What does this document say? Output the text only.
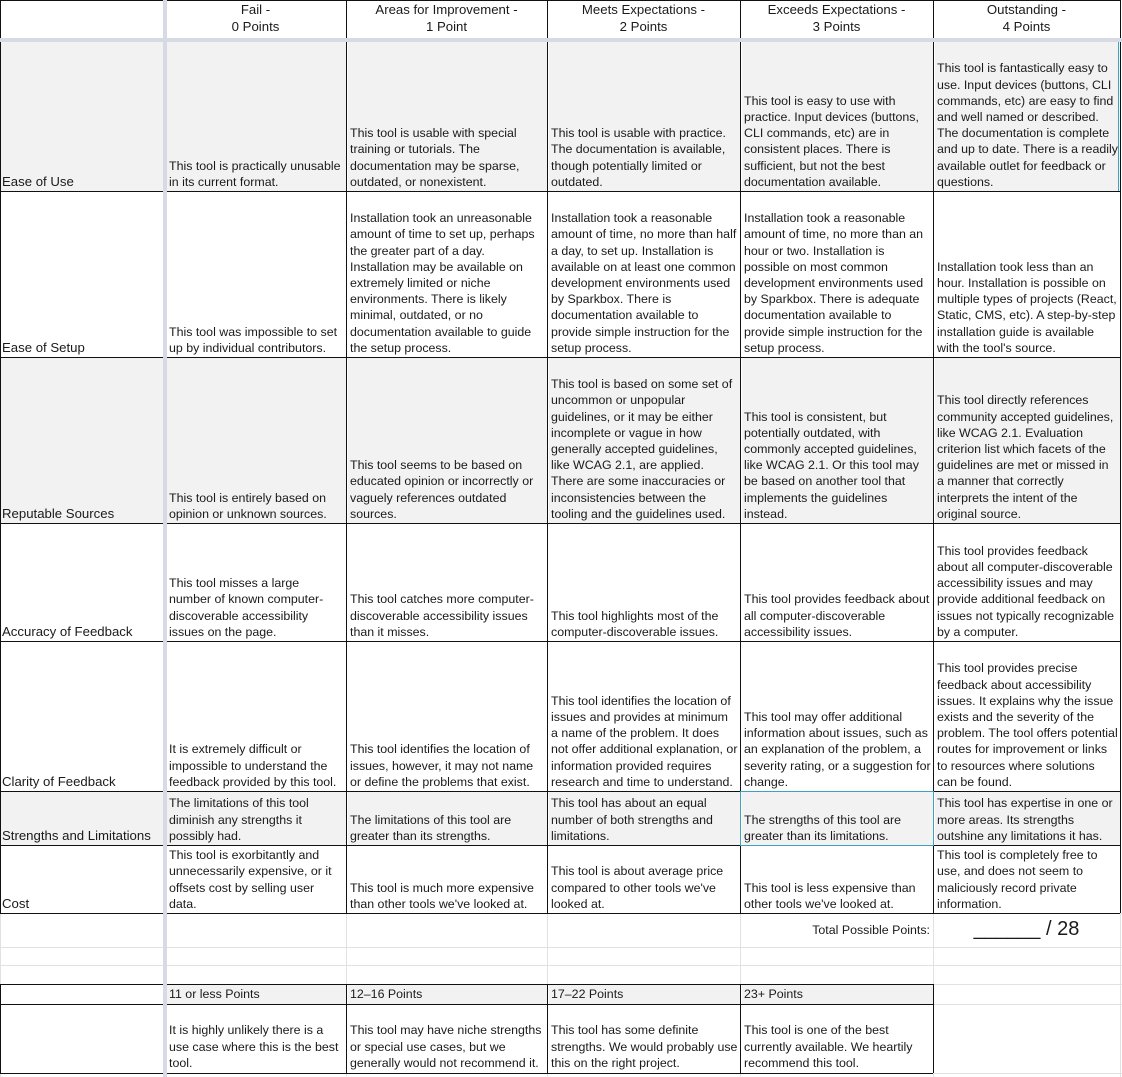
Fail -
0 Points
Areas for Improvement -
1 Point
Meets Expectations -
2 Points
Exceeds Expectations -
3 Points
Outstanding -
4 Points
Ease of Use
This tool is practically unusable in its current format.
This tool is usable with special training or tutorials. The documentation may be sparse, outdated, or nonexistent.
This tool is usable with practice. The documentation is available, though potentially limited or outdated.
This tool is easy to use with practice. Input devices (buttons, CLI commands, etc) are in consistent places. There is sufficient, but not the best documentation available.
This tool is fantastically easy to use. Input devices (buttons, CLI commands, etc) are easy to find and well named or described. The documentation is complete and up to date. There is a readily available outlet for feedback or questions.
Ease of Setup
This tool was impossible to set up by individual contributors.
Installation took an unreasonable amount of time to set up, perhaps the greater part of a day. Installation may be available on extremely limited or niche environments. There is likely minimal, outdated, or no documentation available to guide the setup process.
Installation took a reasonable amount of time, no more than half a day, to set up. Installation is available on at least one common development environments used by Sparkbox. There is documentation available to provide simple instruction for the setup process.
Installation took a reasonable amount of time, no more than an hour or two. Installation is possible on most common development environments used by Sparkbox. There is adequate documentation available to provide simple instruction for the setup process.
Installation took less than an hour. Installation is possible on multiple types of projects (React, Static, CMS, etc). A step-by-step installation guide is available with the tool's source.
Reputable Sources
This tool is entirely based on opinion or unknown sources.
This tool seems to be based on educated opinion or incorrectly or vaguely references outdated sources.
This tool is based on some set of uncommon or unpopular guidelines, or it may be either incomplete or vague in how generally accepted guidelines, like WCAG 2.1, are applied. There are some inaccuracies or inconsistencies between the tooling and the guidelines used.
This tool is consistent, but potentially outdated, with commonly accepted guidelines, like WCAG 2.1. Or this tool may be based on another tool that implements the guidelines instead.
This tool directly references community accepted guidelines, like WCAG 2.1. Evaluation criterion list which facets of the guidelines are met or missed in a manner that correctly interprets the intent of the original source.
Accuracy of Feedback
This tool misses a large number of known computer-discoverable accessibility issues on the page.
This tool catches more computer-discoverable accessibility issues than it misses.
This tool highlights most of the computer-discoverable issues.
This tool provides feedback about all computer-discoverable accessibility issues.
This tool provides feedback about all computer-discoverable accessibility issues and may provide additional feedback on issues not typically recognizable by a computer.
Clarity of Feedback
It is extremely difficult or impossible to understand the feedback provided by this tool.
This tool identifies the location of issues, however, it may not name or define the problems that exist.
This tool identifies the location of issues and provides at minimum a name of the problem. It does not offer additional explanation, or information provided requires research and time to understand.
This tool may offer additional information about issues, such as an explanation of the problem, a severity rating, or a suggestion for change.
This tool provides precise feedback about accessibility issues. It explains why the issue exists and the severity of the problem. The tool offers potential routes for improvement or links to resources where solutions can be found.
Strengths and Limitations
The limitations of this tool diminish any strengths it possibly had.
The limitations of this tool are greater than its strengths.
This tool has about an equal number of both strengths and limitations.
The strengths of this tool are greater than its limitations.
This tool has expertise in one or more areas. Its strengths outshine any limitations it has.
Cost
This tool is exorbitantly and unnecessarily expensive, or it offsets cost by selling user data.
This tool is much more expensive than other tools we've looked at.
This tool is about average price compared to other tools we've looked at.
This tool is less expensive than other tools we've looked at.
This tool is completely free to use, and does not seem to maliciously record private information.
Total Possible Points:	______ / 28
11 or less Points
It is highly unlikely there is a use case where this is the best tool.
12–16 Points
This tool may have niche strengths or special use cases, but we generally would not recommend it.
17–22 Points
This tool has some definite strengths. We would probably use this on the right project.
23+ Points
This tool is one of the best currently available. We heartily recommend this tool.
